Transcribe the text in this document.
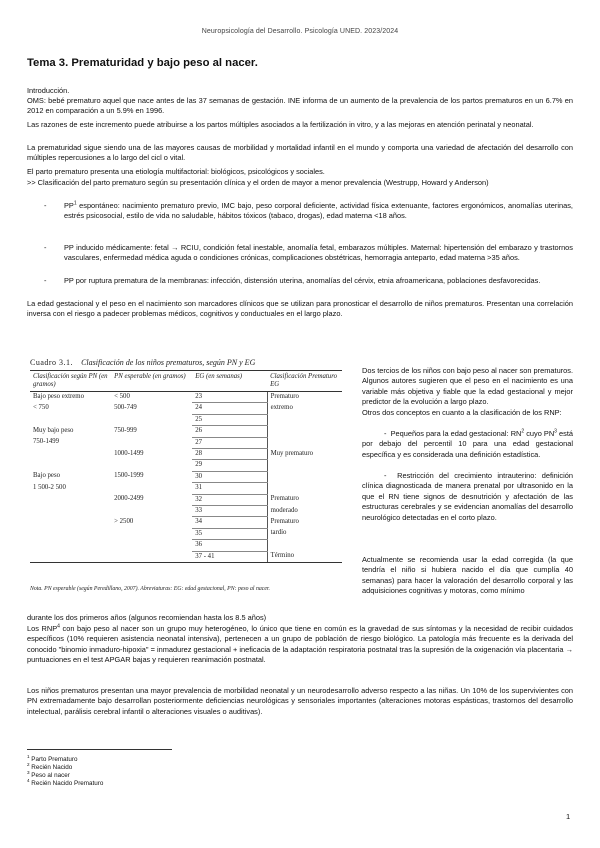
Neuropsicología del Desarrollo. Psicología UNED. 2023/2024
Tema 3. Prematuridad y bajo peso al nacer.

Introducción.

OMS: bebé prematuro aquel que nace antes de las 37 semanas de gestación. INE informa de un aumento de la prevalencia de los partos prematuros en un 6.7% en 2012 en comparación a un 5.9% en 1996.

Las razones de este incremento puede atribuirse a los partos múltiples asociados a la fertilización in vitro, y a las mejoras en atención perinatal y neonatal.

La prematuridad sigue siendo una de las mayores causas de morbilidad y mortalidad infantil en el mundo y comporta una variedad de afectación del desarrollo con múltiples repercusiones a lo largo del cicl o vital.

El parto prematuro presenta una etiología multifactorial: biológicos, psicológicos y sociales.

>> Clasificación del parto prematuro según su presentación clínica y el orden de mayor a menor prevalencia (Westrupp, Howard y Anderson)

- $PP^1$ espontáneo: nacimiento prematuro previo, IMC bajo, peso corporal deficiente, actividad física extenuante, factores ergonómicos, anomalías uterinas, estrés psicosocial, estilo de vida no saludable, hábitos tóxicos (tabaco, drogas), edad materna <18 años.
- PP inducido médicamente: fetal → RCIU, condición fetal inestable, anomalía fetal, embarazos múltiples. Maternal: hipertensión del embarazo y trastornos vasculares, enfermedad médica aguda o condiciones crónicas, complicaciones obstétricas, hemorragia anteparto, edad materna >35 años.
- PP por ruptura prematura de la membranas: infección, distensión uterina, anomalías del cérvix, etnia afroamericana, poblaciones desfavorecidas.

La edad gestacional y el peso en el nacimiento son marcadores clínicos que se utilizan para pronosticar el desarrollo de niños prematuros. Presentan una correlación inversa con el riesgo a padecer problemas médicos, cognitivos y conductuales en el largo plazo.

Cuadro 3.1. Clasificación de los niños prematuros, según PN y EG
Clasificación según PN (en gramos)	PN esperable (en gramos)	EG (en semanas)	Clasificación Prematuro EG
Bajo peso extremo	< 500	23	Prematuro
< 750	500-749	24	extremo
		25	
Muy bajo peso	750-999	26	
750-1499		27	
	1000-1499	28	Muy prematuro
		29	
Bajo peso	1500-1999	30	
1 500-2 500		31	
	2000-2499	32	Prematuro
		33	moderado
	> 2500	34	Prematuro
		35	tardío
		36	
		37 - 41	Término
Nota. PN esperable (según Peredillano, 2007). Abreviaturas: EG: edad gestacional, PN: peso al nacer.

Dos tercios de los niños con bajo peso al nacer son prematuros. Algunos autores sugieren que el peso en el nacimiento es una variable más objetiva y fiable que la edad gestacional y mejor predictor de la evolución a largo plazo.

Otros dos conceptos en cuanto a la clasificación de los RNP:

- Pequeños para la edad gestacional: $RN^2$ cuyo $PN^3$ está por debajo del percentil 10 para una edad gestacional específica y es considerada una definición estadística.

- Restricción del crecimiento intrauterino: definición clínica diagnosticada de manera prenatal por ultrasonido en la que el RN tiene signos de desnutrición y afectación de las estructuras cerebrales y se evidencian anomalías del desarrollo neurológico detectadas en el corto plazo.

Actualmente se recomienda usar la edad corregida (la que tendría el niño si hubiera nacido el día que cumplía 40 semanas) para hacer la valoración del desarrollo corporal y las adquisiciones cognitivas y motoras, como mínimo

durante los dos primeros años (algunos recomiendan hasta los 8.5 años)

Los RNP$^4$ con bajo peso al nacer son un grupo muy heterogéneo, lo único que tiene en común es la gravedad de sus síntomas y la necesidad de recibir cuidados específicos (10% requieren asistencia neonatal intensiva), pertenecen a un grupo de población de riesgo biológico. La patología más frecuente es la derivada del conocido "binomio inmaduro-hipoxia" = inmadurez gestacional + ineficacia de la adaptación respiratoria postnatal tras la supresión de la oxigenación vía placentaria → puntuaciones en el test APGAR bajas y requieren reanimación postnatal.

Los niños prematuros presentan una mayor prevalencia de morbilidad neonatal y un neurodesarrollo adverso respecto a las niñas. Un 10% de los supervivientes con PN extremadamente bajo desarrollan posteriormente deficiencias neurológicas y sensoriales importantes (alteraciones motoras espásticas, trastornos del desarrollo intelectual, parálisis cerebral infantil o alteraciones visuales o auditivas).

$^1$ Parto Prematuro
$^2$ Recién Nacido
$^3$ Peso al nacer
$^4$ Recién Nacido Prematuro
1
